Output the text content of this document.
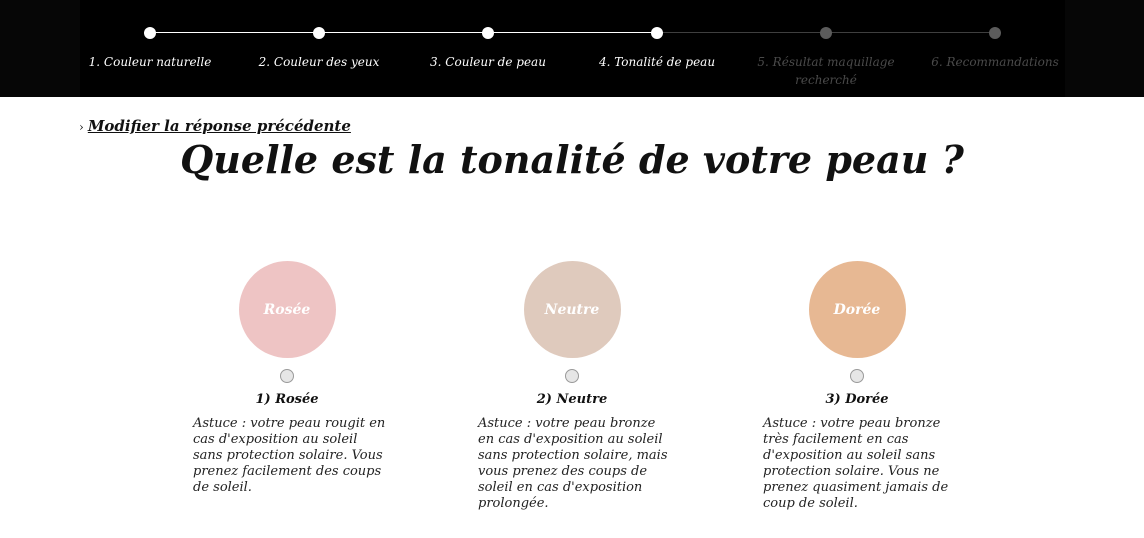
1. Couleur naturelle	2. Couleur des yeux	3. Couleur de peau	4. Tonalité de peau	5. Résultat maquillage recherché
6. Recommandations
› Modifier la réponse précédente
Quelle est la tonalité de votre peau ?
Rosée
1) Rosée
Astuce : votre peau rougit en cas d'exposition au soleil sans protection solaire. Vous prenez facilement des coups de soleil.
Neutre
2) Neutre
Astuce : votre peau bronze en cas d'exposition au soleil sans protection solaire, mais vous prenez des coups de soleil en cas d'exposition prolongée.
Dorée
3) Dorée
Astuce : votre peau bronze très facilement en cas d'exposition au soleil sans protection solaire. Vous ne prenez quasiment jamais de coup de soleil.
